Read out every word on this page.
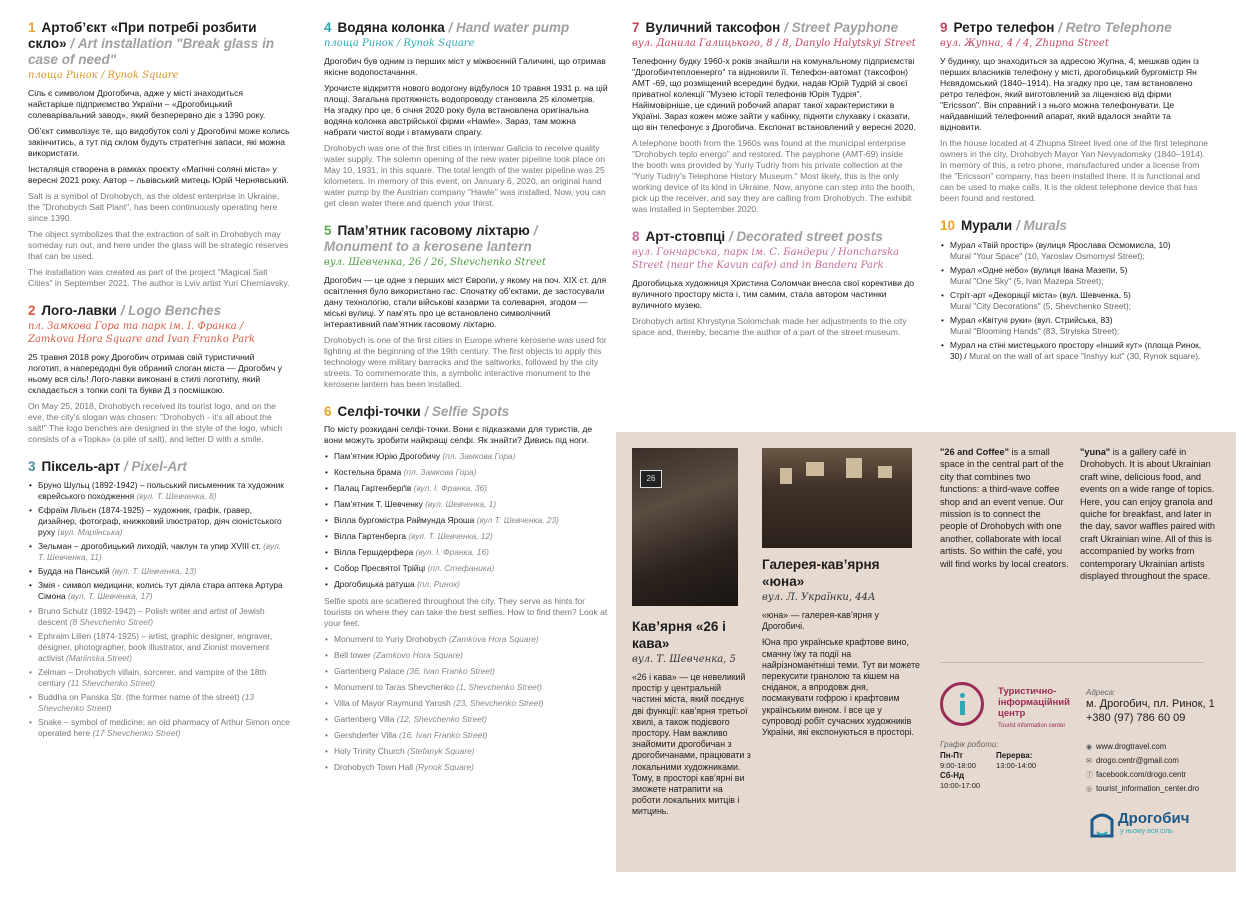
1 Артоб’єкт «При потребі розбити скло» / Art installation "Break glass in case of need"
площа Ринок / Rynok Square

Сіль є символом Дрогобича, адже у місті знаходиться найстаріше підприємство України – «Дрогобицький солеварівальний завод», який безперервно діє з 1390 року.

Об’єкт символізує те, що видобуток солі у Дрогобичі може колись закінчитись, а тут під склом будуть стратегічні запаси, які можна використати.

Інсталяція створена в рамках проєкту «Магічні соляні міста» у вересні 2021 року. Автор – львівський митець Юрій Чернявський.

Salt is a symbol of Drohobych, as the oldest enterprise in Ukraine, the "Drohobych Salt Plant", has been continuously operating here since 1390.

The object symbolizes that the extraction of salt in Drohobych may someday run out, and here under the glass will be strategic reserves that can be used.

The installation was created as part of the project "Magical Salt Cities" in September 2021. The author is Lviv artist Yuri Cherniavsky.

2 Лого-лавки / Logo Benches
пл. Замкова Гора та парк ім. І. Франка / Zamkova Hora Square and Ivan Franko Park

25 травня 2018 року Дрогобич отримав свій туристичний логотип, а напередодні був обраний слоган міста — Дрогобич у ньому вся сіль! Лого-лавки виконані в стилі логотипу, який складається з топки солі та букви Д з посмішкою.

On May 25, 2018, Drohobych received its tourist logo, and on the eve, the city's slogan was chosen: "Drohobych - it's all about the salt!" The logo benches are designed in the style of the logo, which consists of a «Topka» (a pile of salt), and letter D with a smile.

3 Піксель-арт / Pixel-Art
• Бруно Шульц (1892-1942) – польський письменник та художник єврейського походження (вул. Т. Шевченка, 8)
• Єфраїм Лільєн (1874-1925) – художник, графік, гравер, дизайнер, фотограф, книжковий ілюстратор, діяч сіоністського руху (вул. Маріїнська)
• Зельман – дрогобицький лиходій, чаклун та упир XVIII ст. (вул. Т. Шевченка, 11)
• Будда на Панській (вул. Т. Шевченка, 13)
• Змія - символ медицини, колись тут діяла стара аптека Артура Сімона (вул. Т. Шевченка, 17)
• Bruno Schulz (1892-1942) – Polish writer and artist of Jewish descent (8 Shevchenko Street)
• Ephraim Lilien (1874-1925) – artist, graphic designer, engraver, designer, photographer, book illustrator, and Zionist movement activist (Mariinska Street)
• Zelman – Drohobych villain, sorcerer, and vampire of the 18th century (11 Shevchenko Street)
• Buddha on Panska Str. (the former name of the street) (13 Shevchenko Street)
• Snake – symbol of medicine; an old pharmacy of Arthur Simon once operated here (17 Shevchenko Street)
4 Водяна колонка / Hand water pump
площа Ринок / Rynok Square

Дрогобич був одним із перших міст у міжвоєнній Галичині, що отримав якісне водопостачання.

Урочисте відкриття нового водогону відбулося 10 травня 1931 р. на цій площі. Загальна протяжність водопроводу становила 25 кілометрів. На згадку про це, 6 січня 2020 року була встановлена оригінальна водяна колонка австрійської фірми «Hawle». Зараз, там можна набрати чистої води і втамувати спрагу.

Drohobych was one of the first cities in interwar Galicia to receive quality water supply. The solemn opening of the new water pipeline took place on May 10, 1931, in this square. The total length of the water pipeline was 25 kilometers. In memory of this event, on January 6, 2020, an original hand water pump by the Austrian company "Hawle" was installed. Now, you can get clean water there and quench your thirst.

5 Пам’ятник гасовому ліхтарю / Monument to a kerosene lantern
вул. Шевченка, 26 / 26, Shevchenko Street

Дрогобич — це одне з перших міст Європи, у якому на поч. XIX ст. для освітлення було використано гас. Спочатку об’єктами, де застосували дану технологію, стали військові казарми та солеварня, згодом — міські вулиці. У пам’ять про це встановлено символічний інтерактивний пам’ятник гасовому ліхтарю.

Drohobych is one of the first cities in Europe where kerosene was used for lighting at the beginning of the 19th century. The first objects to apply this technology were military barracks and the saltworks, followed by the city streets. To commemorate this, a symbolic interactive monument to the kerosene lantern has been installed.

6 Селфі-точки / Selfie Spots

По місту розкидані селфі-точки. Вони є підказками для туристів, де вони можуть зробити найкращі селфі. Як знайти? Дивись під ноги.

• Пам’ятник Юрію Дрогобичу (пл. Замкова Гора)
• Костельна брама (пл. Замкова Гора)
• Палац Гартенберґів (вул. І. Франка, 36)
• Пам’ятник Т. Шевченку (вул. Шевченка, 1)
• Вілла бургомістра Раймунда Яроша (вул Т. Шевченка, 23)
• Вілла Гартенберга (вул. Т. Шевченка, 12)
• Вілла Гершдерфера (вул. І. Франка, 16)
• Собор Пресвятої Трійці (пл. Стефаника)
• Дрогобицька ратуша (пл. Ринок)

Selfie spots are scattered throughout the city. They serve as hints for tourists on where they can take the best selfies. How to find them? Look at your feet.

• Monument to Yuriy Drohobych (Zamkova Hora Square)
• Bell tower (Zamkovo Hora Square)
• Gartenberg Palace (36, Ivan Franko Street)
• Monument to Taras Shevchenko (1, Shevchenko Street)
• Villa of Mayor Raymund Yarosh (23, Shevchenko Street)
• Gartenberg Villa (12, Shevchenko Street)
• Gershderfer Villa (16, Ivan Franko Street)
• Holy Trinity Church (Stefanyk Square)
• Drohobych Town Hall (Rynok Square)
7 Вуличний таксофон / Street Payphone
вул. Данила Галицького, 8 / 8, Danylo Halytskyi Street

Телефонну будку 1960-х років знайшли на комунальному підприємстві "Дрогобичтеплоенерго" та відновили її. Телефон-автомат (таксофон) АМТ -69, що розміщений всередині будки, надав Юрій Тудрій зі своєї приватної колекції "Музею історії телефонів Юрія Тудрія". Найімовірніше, це єдиний робочий апарат такої характеристики в Україні. Зараз кожен може зайти у кабінку, підняти слухавку і сказати, що він телефонує з Дрогобича. Експонат встановлений у вересні 2020.

A telephone booth from the 1960s was found at the municipal enterprise "Drohobych teplo energo" and restored. The payphone (AMT-69) inside the booth was provided by Yuriy Tudriy from his private collection at the "Yuriy Tudriy's Telephone History Museum." Most likely, this is the only working device of its kind in Ukraine. Now, anyone can step into the booth, pick up the receiver, and say they are calling from Drohobych. The exhibit was installed in September 2020.

8 Арт-стовпці / Decorated street posts
вул. Гончарська, парк ім. С. Бандери / Honcharska Street (near the Kavun cafe) and in Bandera Park

Дрогобицька художниця Христина Соломчак внесла свої корективи до вуличного простору міста і, тим самим, стала автором частинки вуличного музею.

Drohobych artist Khrystyna Solomchak made her adjustments to the city space and, thereby, became the author of a part of the street museum.

9 Ретро телефон / Retro Telephone
вул. Жупна, 4 / 4, Zhupna Street

У будинку, що знаходиться за адресою Жупна, 4, мешкав один із перших власників телефону у місті, дрогобицький бургомістр Ян Нєвядомський (1840–1914). На згадку про це, там встановлено ретро телефон, який виготовлений за ліцензією від фірми "Ericsson". Він справний і з нього можна телефонувати. Це найдавніший телефонний апарат, який вдалося знайти та відновити.

In the house located at 4 Zhupna Street lived one of the first telephone owners in the city, Drohobych Mayor Yan Nevyadomsky (1840–1914). In memory of this, a retro phone, manufactured under a license from the "Ericsson" company, has been installed there. It is functional and can be used to make calls. It is the oldest telephone device that has been found and restored.

10 Мурали / Murals
• Мурал «Твій простір» (вулиця Ярослава Осмомисла, 10)
Mural "Your Space" (10, Yaroslav Osmomysl Street);
• Мурал «Одне небо» (вулиця Івана Мазепи, 5)
Mural "One Sky" (5, Ivan Mazepa Street);
• Стріт-арт «Декорації міста» (вул. Шевченка, 5)
Mural "City Decorations" (5, Shevchenko Street);
• Мурал «Квітучі руки» (вул. Стрийська, 83)
Mural "Blooming Hands" (83, Stryiska Street);
• Мурал на стіні мистецького простору «Інший кут» (площа Ринок, 30) / Mural on the wall of art space "Inshyy kut" (30, Rynok square).
26
Кав’ярня «26 і кава»
вул. Т. Шевченка, 5

«26 і кава» — це невеликий простір у центральній частині міста, який поєднує дві функції: кав’ярня третьої хвилі, а також подієвого простору. Нам важливо знайомити дрогобичан з дрогобичанами, працювати з локальними художниками. Тому, в просторі кав’ярні ви зможете натрапити на роботи локальних митців і митцинь.

Галерея-кав’ярня «юна»
вул. Л. Українки, 44А

«юна» — галерея-кав’ярня у Дрогобичі.

Юна про українське крафтове вино, смачну їжу та події на найрізноманітніші теми. Тут ви можете перекусити гранолою та кішем на сніданок, а впродовж дня, посмакувати гофрою і крафтовим українським вином. І все це у супроводі робіт сучасних художників України, які експонуються в просторі.

"26 and Coffee" is a small space in the central part of the city that combines two functions: a third-wave coffee shop and an event venue. Our mission is to connect the people of Drohobych with one another, collaborate with local artists. So within the café, you will find works by local creators.

"yuna" is a gallery café in Drohobych. It is about Ukrainian craft wine, delicious food, and events on a wide range of topics. Here, you can enjoy granola and quiche for breakfast, and later in the day, savor waffles paired with craft Ukrainian wine. All of this is accompanied by works from contemporary Ukrainian artists displayed throughout the space.

Туристично-інформаційний центр
Tourist information center
Адреса:
м. Дрогобич, пл. Ринок, 1
+380 (97) 786 60 09
Графік роботи:
Пн-Пт
9:00-18:00
Сб-Нд
10:00-17:00
Перерва:
13:00-14:00
◉ www.drogtravel.com
✉ drogo.centr@gmail.com
ⓕ facebook.com/drogo.centr
◎ tourist_information_center.dro
Дрогобич
у ньому вся сіль
